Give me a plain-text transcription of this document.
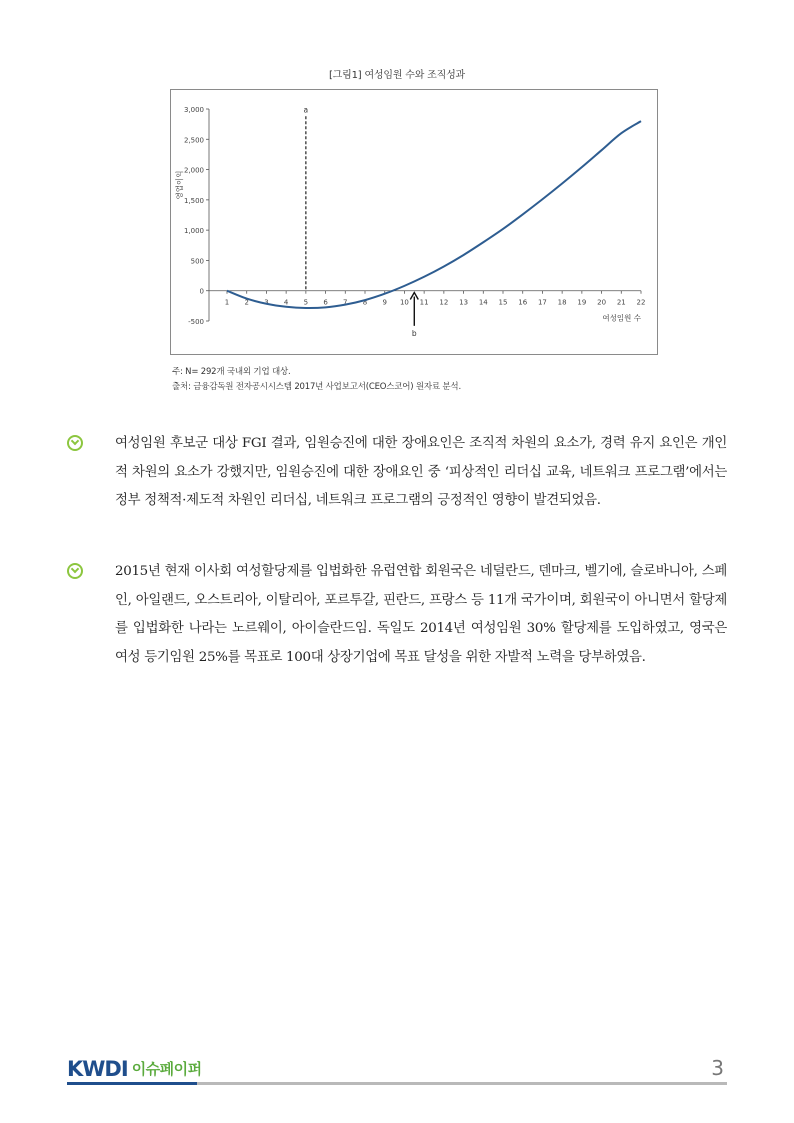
[그림1] 여성임원 수와 조직성과
3,000
2,500
2,000
1,500
1,000
500
0
-500
1 2 3 4 5 6 7 8 9 10 11 12 13 14 15 16 17 18 19 20 21 22
영업이익
여성임원 수
a
b
주: N= 292개 국내외 기업 대상.
출처: 금융감독원 전자공시시스템 2017년 사업보고서(CEO스코어) 원자료 분석.
여성임원 후보군 대상 FGI 결과, 임원승진에 대한 장애요인은 조직적 차원의 요소가, 경력 유지 요인은 개인적 차원의 요소가 강했지만, 임원승진에 대한 장애요인 중 ‘피상적인 리더십 교육, 네트워크 프로그램’에서는 정부 정책적·제도적 차원인 리더십, 네트워크 프로그램의 긍정적인 영향이 발견되었음.
2015년 현재 이사회 여성할당제를 입법화한 유럽연합 회원국은 네덜란드, 덴마크, 벨기에, 슬로바니아, 스페인, 아일랜드, 오스트리아, 이탈리아, 포르투갈, 핀란드, 프랑스 등 11개 국가이며, 회원국이 아니면서 할당제를 입법화한 나라는 노르웨이, 아이슬란드임. 독일도 2014년 여성임원 30% 할당제를 도입하였고, 영국은 여성 등기임원 25%를 목표로 100대 상장기업에 목표 달성을 위한 자발적 노력을 당부하였음.
KWDI 이슈페이퍼	3
